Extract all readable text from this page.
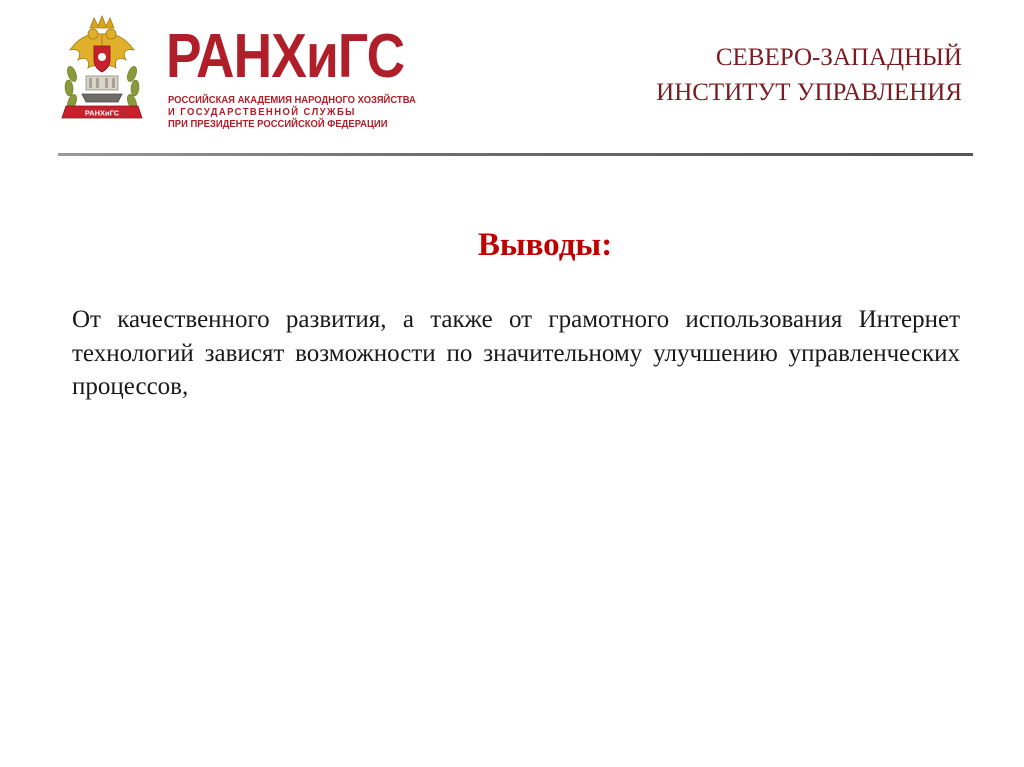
РАНХиГС
РАНХиГС
РОССИЙСКАЯ АКАДЕМИЯ НАРОДНОГО ХОЗЯЙСТВА
И ГОСУДАРСТВЕННОЙ СЛУЖБЫ
ПРИ ПРЕЗИДЕНТЕ РОССИЙСКОЙ ФЕДЕРАЦИИ
СЕВЕРО-ЗАПАДНЫЙ
ИНСТИТУТ УПРАВЛЕНИЯ
Выводы:

От качественного развития, а также от грамотного использования Интернет технологий зависят возможности по значительному улучшению управленческих процессов,
